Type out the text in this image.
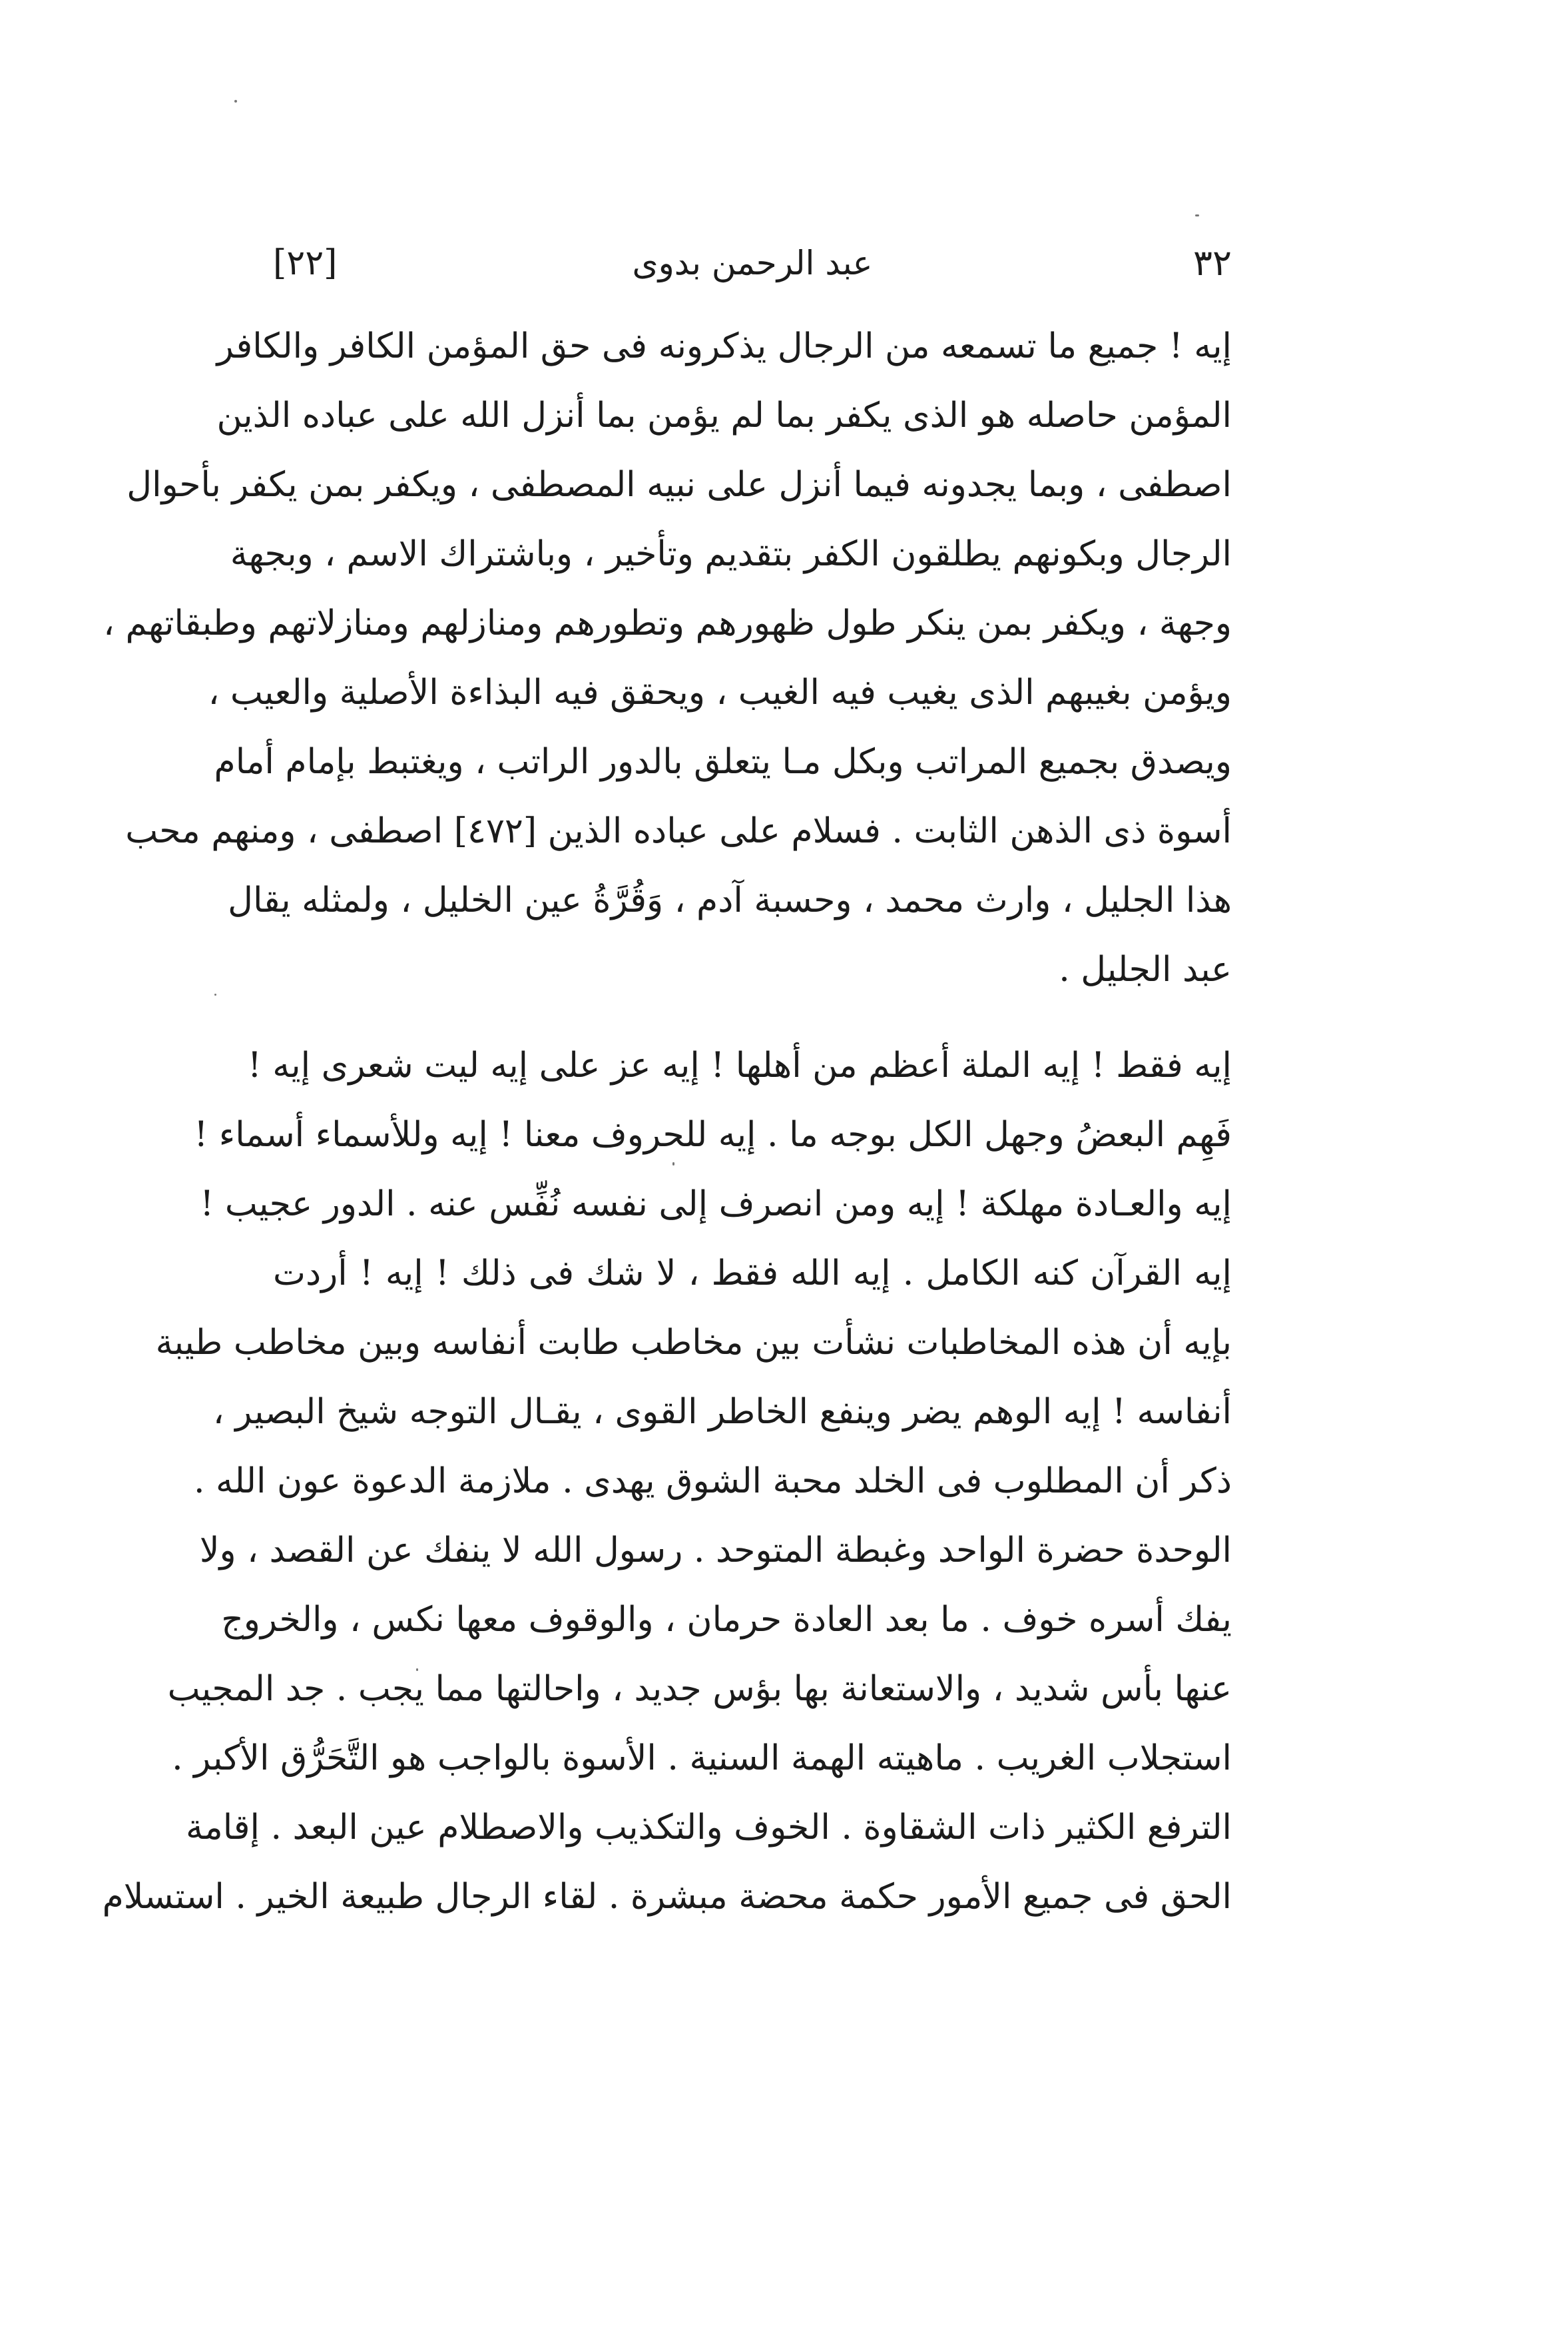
[٢٢]	عبد الرحمن بدوى	٣٢
إيه ! جميع ما تسمعه من الرجال يذكرونه فى حق المؤمن الكافر والكافر
المؤمن حاصله هو الذى يكفر بما لم يؤمن بما أنزل الله على عباده الذين
اصطفى ، وبما يجدونه فيما أنزل على نبيه المصطفى ، ويكفر بمن يكفر بأحوال
الرجال وبكونهم يطلقون الكفر بتقديم وتأخير ، وباشتراك الاسم ، وبجهة
وجهة ، ويكفر بمن ينكر طول ظهورهم وتطورهم ومنازلهم ومنازلاتهم وطبقاتهم ،
ويؤمن بغيبهم الذى يغيب فيه الغيب ، ويحقق فيه البذاءة الأصلية والعيب ،
ويصدق بجميع المراتب وبكل مـا يتعلق بالدور الراتب ، ويغتبط بإمام أمام
أسوة ذى الذهن الثابت . فسلام على عباده الذين [٤٧٢] اصطفى ، ومنهم محب
هذا الجليل ، وارث محمد ، وحسبة آدم ، وَقُرَّةُ عين الخليل ، ولمثله يقال
عبد الجليل .
إيه فقط ! إيه الملة أعظم من أهلها ! إيه عز على إيه ليت شعرى إيه !
فَهِم البعضُ وجهل الكل بوجه ما . إيه للحروف معنا ! إيه وللأسماء أسماء !
إيه والعـادة مهلكة ! إيه ومن انصرف إلى نفسه نُفِّس عنه . الدور عجيب !
إيه القرآن كنه الكامل . إيه الله فقط ، لا شك فى ذلك ! إيه ! أردت
بإيه أن هذه المخاطبات نشأت بين مخاطب طابت أنفاسه وبين مخاطب طيبة
أنفاسه ! إيه الوهم يضر وينفع الخاطر القوى ، يقـال التوجه شيخ البصير ،
ذكر أن المطلوب فى الخلد محبة الشوق يهدى . ملازمة الدعوة عون الله .
الوحدة حضرة الواحد وغبطة المتوحد . رسول الله لا ينفك عن القصد ، ولا
يفك أسره خوف . ما بعد العادة حرمان ، والوقوف معها نكس ، والخروج
عنها بأس شديد ، والاستعانة بها بؤس جديد ، واحالتها مما يجب . جد المجيب
استجلاب الغريب . ماهيته الهمة السنية . الأسوة بالواجب هو التَّحَرُّق الأكبر .
الترفع الكثير ذات الشقاوة . الخوف والتكذيب والاصطلام عين البعد . إقامة
الحق فى جميع الأمور حكمة محضة مبشرة . لقاء الرجال طبيعة الخير . استسلام
